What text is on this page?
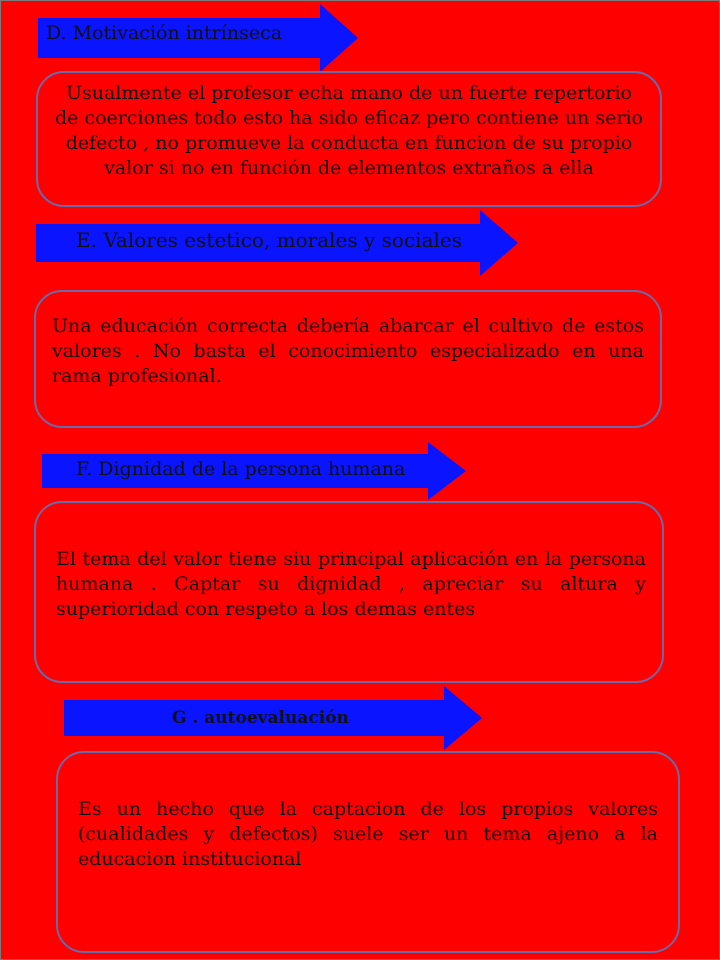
D. Motivación intrínseca

Usualmente el profesor echa mano de un fuerte repertorio de coerciones todo esto ha sido eficaz pero contiene un serio defecto , no promueve la conducta en funcion de su propio valor si no en función de elementos extraños a ella

E. Valores estetico, morales y sociales

Una educación correcta debería abarcar el cultivo de estos valores . No basta el conocimiento especializado en una rama profesional.

F. Dignidad de la persona humana

El tema del valor tiene siu principal aplicación en la persona humana . Captar su dignidad , apreciar su altura y superioridad con respeto a los demas entes

G . autoevaluación

Es un hecho que la captacion de los propios valores (cualidades y defectos) suele ser un tema ajeno a la educacion institucional
